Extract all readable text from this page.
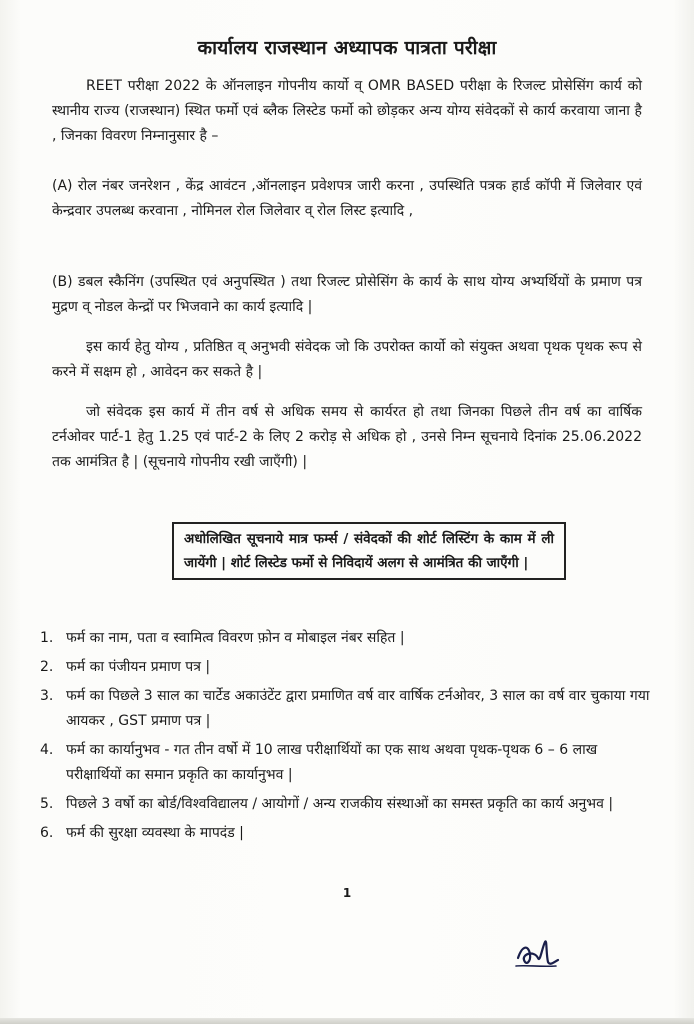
कार्यालय राजस्थान अध्यापक पात्रता परीक्षा
REET परीक्षा 2022 के ऑनलाइन गोपनीय कार्यो व् OMR BASED परीक्षा के रिजल्ट प्रोसेसिंग कार्य को स्थानीय राज्य (राजस्थान) स्थित फर्मो एवं ब्लैक लिस्टेड फर्मो को छोड़कर अन्य योग्य संवेदकों से कार्य करवाया जाना है , जिनका विवरण निम्नानुसार है –
(A) रोल नंबर जनरेशन , केंद्र आवंटन ,ऑनलाइन प्रवेशपत्र जारी करना , उपस्थिति पत्रक हार्ड कॉपी में जिलेवार एवं केन्द्रवार उपलब्ध करवाना , नोमिनल रोल जिलेवार व् रोल लिस्ट इत्यादि ,
(B) डबल स्कैनिंग (उपस्थित एवं अनुपस्थित ) तथा रिजल्ट प्रोसेसिंग के कार्य के साथ योग्य अभ्यर्थियों के प्रमाण पत्र मुद्रण व् नोडल केन्द्रों पर भिजवाने का कार्य इत्यादि |
इस कार्य हेतु योग्य , प्रतिष्ठित व् अनुभवी संवेदक जो कि उपरोक्त कार्यो को संयुक्त अथवा पृथक पृथक रूप से करने में सक्षम हो , आवेदन कर सकते है |
जो संवेदक इस कार्य में तीन वर्ष से अधिक समय से कार्यरत हो तथा जिनका पिछले तीन वर्ष का वार्षिक टर्नओवर पार्ट-1 हेतु 1.25 एवं पार्ट-2 के लिए 2 करोड़ से अधिक हो , उनसे निम्न सूचनाये दिनांक 25.06.2022 तक आमंत्रित है | (सूचनाये गोपनीय रखी जाएँगी) |
अधोलिखित सूचनाये मात्र फर्म्स / संवेदकों की शोर्ट लिस्टिंग के काम में ली जायेंगी | शोर्ट लिस्टेड फर्मो से निविदायें अलग से आमंत्रित की जाएँगी |
1. फर्म का नाम, पता व स्वामित्व विवरण फ़ोन व मोबाइल नंबर सहित |
2. फर्म का पंजीयन प्रमाण पत्र |
3. फर्म का पिछले 3 साल का चार्टेड अकाउंटेंट द्वारा प्रमाणित वर्ष वार वार्षिक टर्नओवर, 3 साल का वर्ष वार चुकाया गया आयकर , GST प्रमाण पत्र |
4. फर्म का कार्यानुभव - गत तीन वर्षो में 10 लाख परीक्षार्थियों का एक साथ अथवा पृथक-पृथक 6 – 6 लाख परीक्षार्थियों का समान प्रकृति का कार्यानुभव |
5. पिछले 3 वर्षो का बोर्ड/विश्वविद्यालय / आयोगों / अन्य राजकीय संस्थाओं का समस्त प्रकृति का कार्य अनुभव |
6. फर्म की सुरक्षा व्यवस्था के मापदंड |
1
